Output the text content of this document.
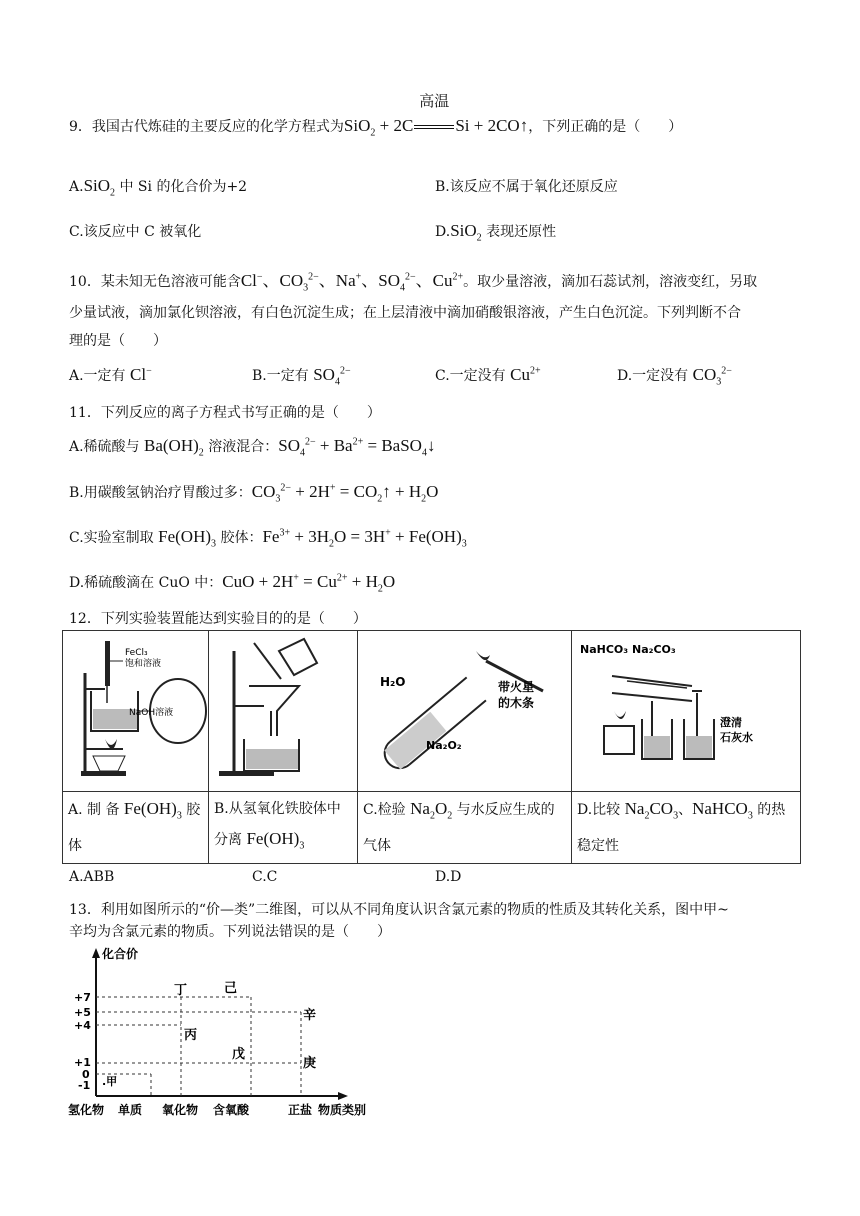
9．我国古代炼硅的主要反应的化学方程式为SiO$_2$ + 2C
高温
Si + 2CO↑，下列正确的是（　　）
A.SiO$_2$ 中 Si 的化合价为+2	B.该反应不属于氧化还原反应
C.该反应中 C 被氧化	D.SiO$_2$ 表现还原性
10．某未知无色溶液可能含Cl−、$CO_3^{2-}$、Na+、$SO_4^{2-}$、$Cu^{2+}$。取少量溶液，滴加石蕊试剂，溶液变红，另取
少量试液，滴加氯化钡溶液，有白色沉淀生成；在上层清液中滴加硝酸银溶液，产生白色沉淀。下列判断不合
理的是（　　）
A.一定有 Cl−	B.一定有 $SO_4^{2-}$	C.一定没有 $Cu^{2+}$	D.一定没有 $CO_3^{2-}$
11．下列反应的离子方程式书写正确的是（　　）
A.稀硫酸与 $Ba(OH)_2$ 溶液混合：$SO_4^{2-} + Ba^{2+}$ = BaSO$_4$↓
B.用碳酸氢钠治疗胃酸过多：$CO_3^{2-} + 2H^+$ = $CO_2↑ + H_2O$
C.实验室制取 $Fe(OH)_3$ 胶体：$Fe^{3+} + 3H_2O = 3H^+ + Fe(OH)_3$
D.稀硫酸滴在 CuO 中：CuO + $2H^+ = Cu^{2+} + H_2O$
12．下列实验装置能达到实验目的的是（　　）
FeCl₃
饱和溶液
NaOH溶液		H₂O 带火星
的木条
Na₂O₂	NaHCO₃ Na₂CO₃
澄清
石灰水

A. 制 备 $Fe(OH)_3$ 胶体	B.从氢氧化铁胶体中分离 $Fe(OH)_3$	C.检验 $Na_2O_2$ 与水反应生成的气体	D.比较 $Na_2CO_3$、NaHCO$_3$ 的热稳定性
A.ABB	C.C	D.D
13．利用如图所示的“价—类”二维图，可以从不同角度认识含氯元素的物质的性质及其转化关系，图中甲~
辛均为含氯元素的物质。下列说法错误的是（　　）
化合价
+7
+5
+4
+1
0
-1 .甲
丁	己
丙
戊
辛
庚
氢化物 单质 氧化物 含氧酸	正盐 物质类别
